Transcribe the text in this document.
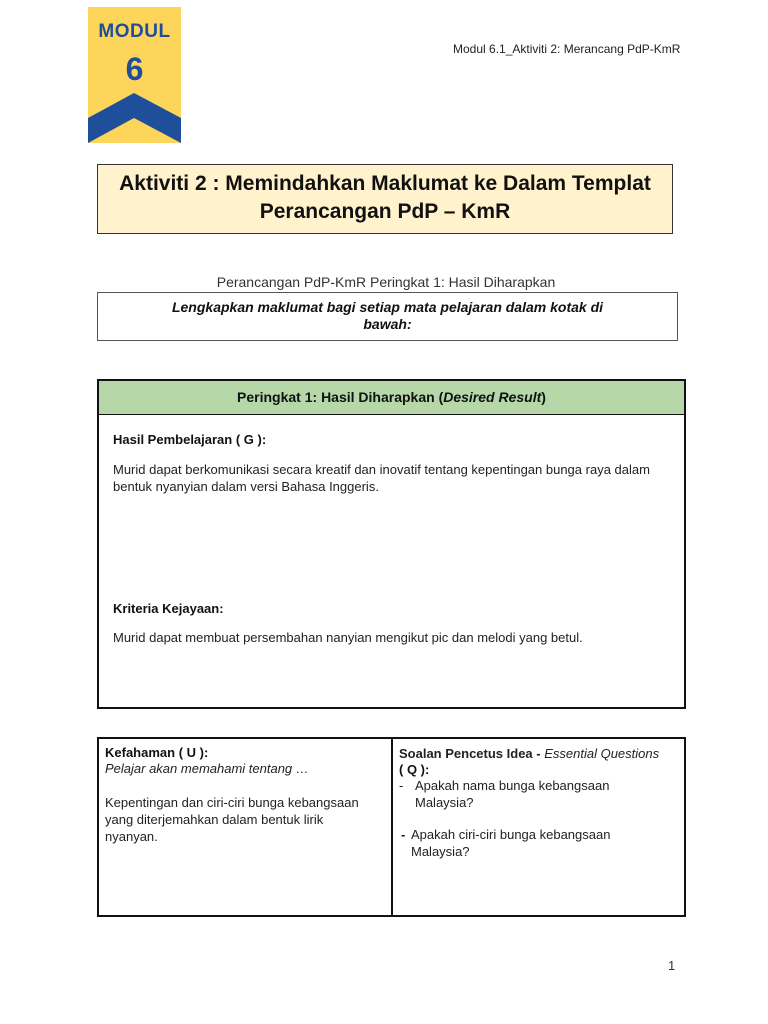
MODUL
6
Modul 6.1_Aktiviti 2: Merancang PdP-KmR
Aktiviti 2 : Memindahkan Maklumat ke Dalam Templat
Perancangan PdP – KmR
Perancangan PdP-KmR Peringkat 1: Hasil Diharapkan
Lengkapkan maklumat bagi setiap mata pelajaran dalam kotak di bawah:
Peringkat 1: Hasil Diharapkan (Desired Result)
Hasil Pembelajaran ( G ):
Murid dapat berkomunikasi secara kreatif dan inovatif tentang kepentingan bunga raya dalam bentuk nyanyian dalam versi Bahasa Inggeris.
Kriteria Kejayaan:
Murid dapat membuat persembahan nanyian mengikut pic dan melodi yang betul.
Kefahaman ( U ):
Pelajar akan memahami tentang …
Kepentingan dan ciri-ciri bunga kebangsaan yang diterjemahkan dalam bentuk lirik nyanyan.
Soalan Pencetus Idea - Essential Questions
( Q ):
- Apakah nama bunga kebangsaan Malaysia?
- Apakah ciri-ciri bunga kebangsaan Malaysia?
1
